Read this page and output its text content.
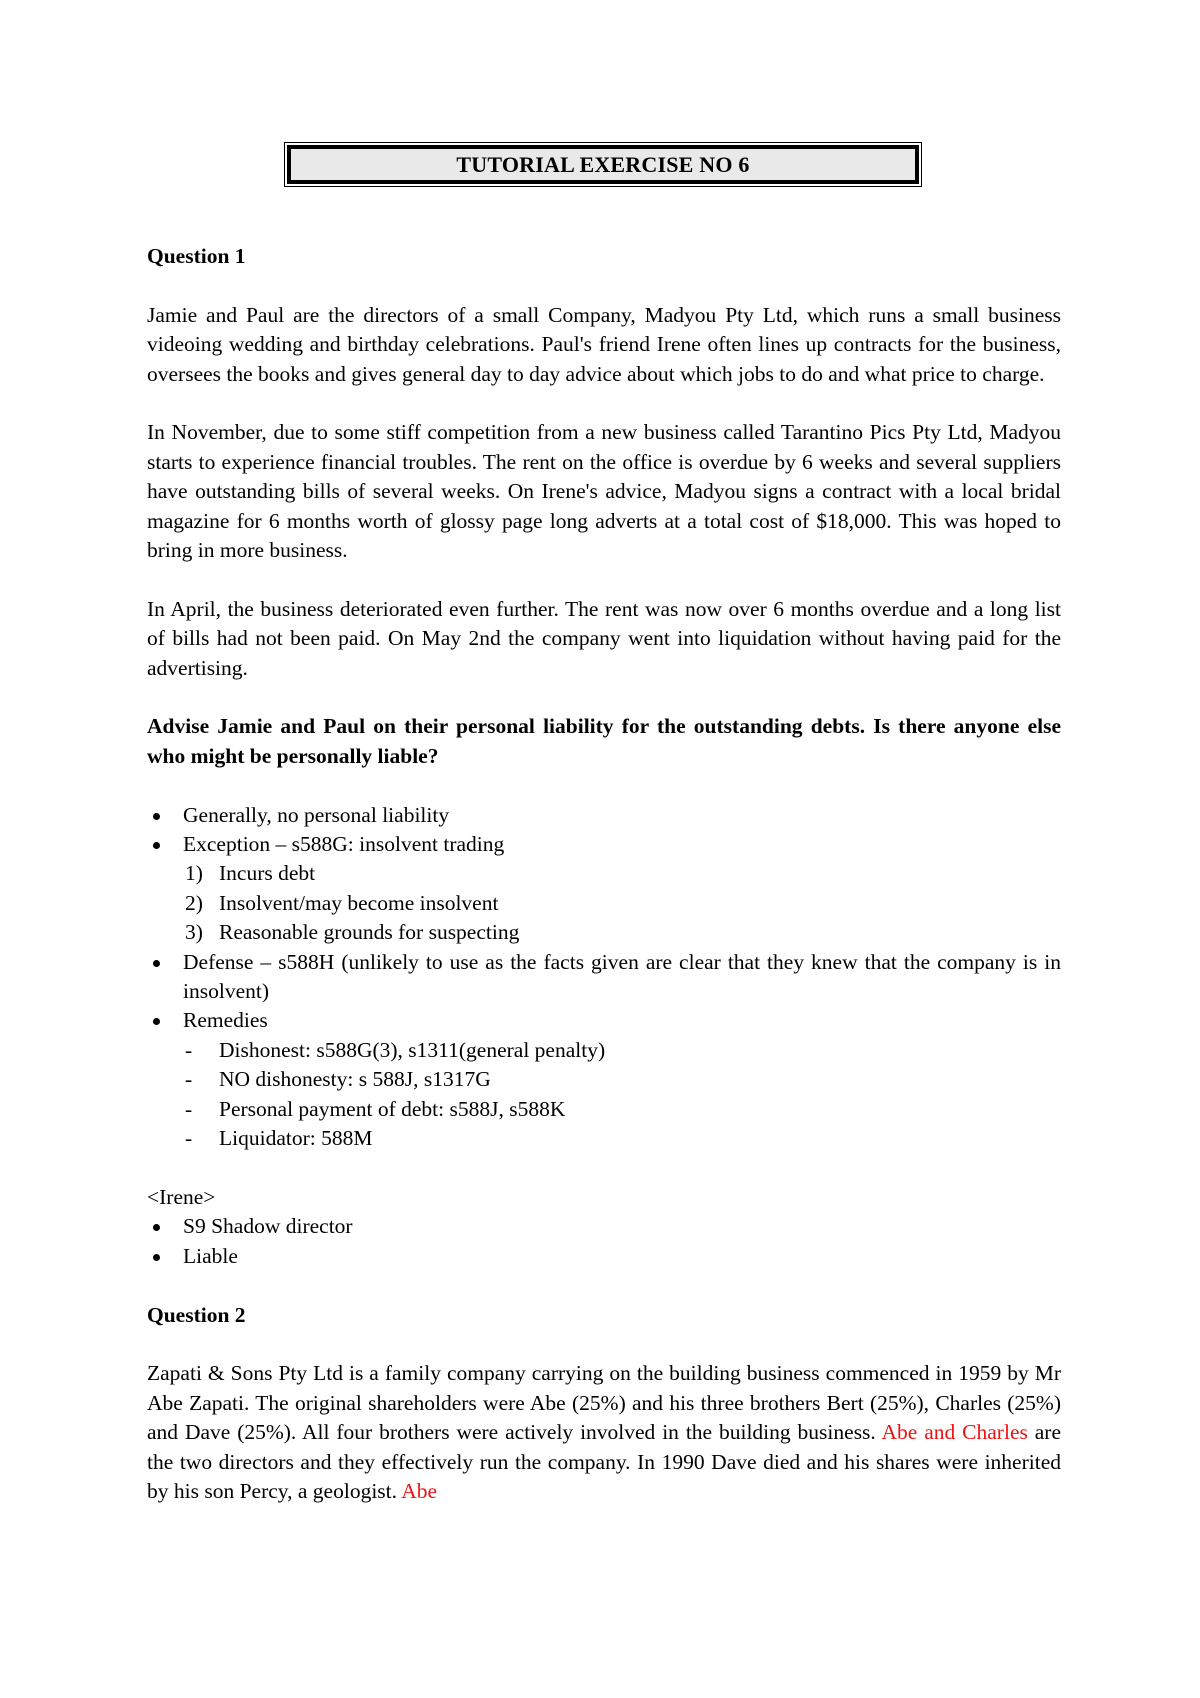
TUTORIAL EXERCISE NO 6

Question 1

Jamie and Paul are the directors of a small Company, Madyou Pty Ltd, which runs a small business videoing wedding and birthday celebrations. Paul's friend Irene often lines up contracts for the business, oversees the books and gives general day to day advice about which jobs to do and what price to charge.

In November, due to some stiff competition from a new business called Tarantino Pics Pty Ltd, Madyou starts to experience financial troubles. The rent on the office is overdue by 6 weeks and several suppliers have outstanding bills of several weeks. On Irene's advice, Madyou signs a contract with a local bridal magazine for 6 months worth of glossy page long adverts at a total cost of $18,000. This was hoped to bring in more business.

In April, the business deteriorated even further. The rent was now over 6 months overdue and a long list of bills had not been paid. On May 2nd the company went into liquidation without having paid for the advertising.

Advise Jamie and Paul on their personal liability for the outstanding debts. Is there anyone else who might be personally liable?

Generally, no personal liability
Exception – s588G: insolvent trading
1) Incurs debt
2) Insolvent/may become insolvent
3) Reasonable grounds for suspecting
Defense – s588H (unlikely to use as the facts given are clear that they knew that the company is in insolvent)
Remedies
- Dishonest: s588G(3), s1311(general penalty)
- NO dishonesty: s 588J, s1317G
- Personal payment of debt: s588J, s588K
- Liquidator: 588M

<Irene>

S9 Shadow director
Liable

Question 2

Zapati & Sons Pty Ltd is a family company carrying on the building business commenced in 1959 by Mr Abe Zapati. The original shareholders were Abe (25%) and his three brothers Bert (25%), Charles (25%) and Dave (25%). All four brothers were actively involved in the building business. Abe and Charles are the two directors and they effectively run the company. In 1990 Dave died and his shares were inherited by his son Percy, a geologist. Abe
